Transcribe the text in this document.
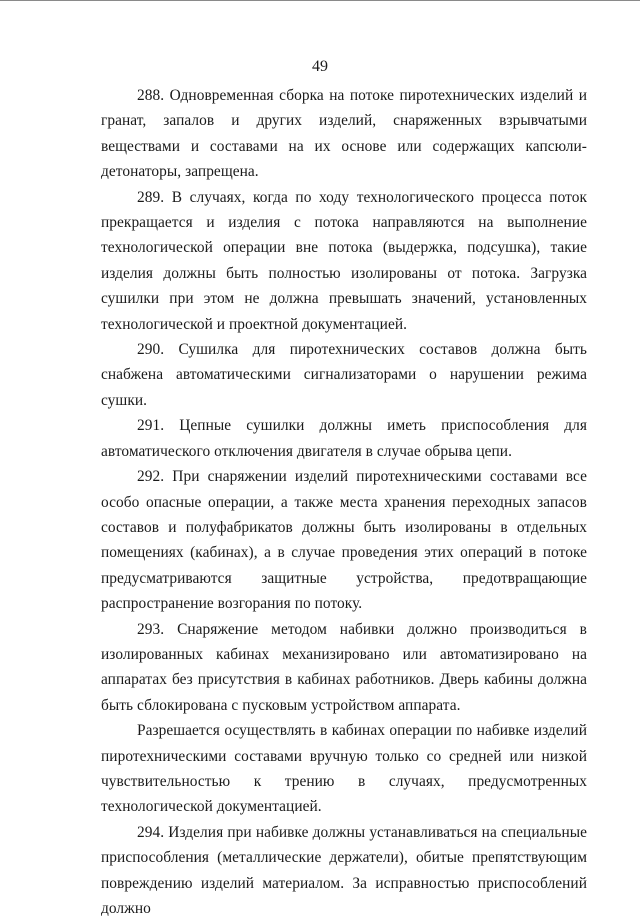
49

288. Одновременная сборка на потоке пиротехнических изделий и гранат, запалов и других изделий, снаряженных взрывчатыми веществами и составами на их основе или содержащих капсюли-детонаторы, запрещена.

289. В случаях, когда по ходу технологического процесса поток прекращается и изделия с потока направляются на выполнение технологической операции вне потока (выдержка, подсушка), такие изделия должны быть полностью изолированы от потока. Загрузка сушилки при этом не должна превышать значений, установленных технологической и проектной документацией.

290. Сушилка для пиротехнических составов должна быть снабжена автоматическими сигнализаторами о нарушении режима сушки.

291. Цепные сушилки должны иметь приспособления для автоматического отключения двигателя в случае обрыва цепи.

292. При снаряжении изделий пиротехническими составами все особо опасные операции, а также места хранения переходных запасов составов и полуфабрикатов должны быть изолированы в отдельных помещениях (кабинах), а в случае проведения этих операций в потоке предусматриваются защитные устройства, предотвращающие распространение возгорания по потоку.

293. Снаряжение методом набивки должно производиться в изолированных кабинах механизировано или автоматизировано на аппаратах без присутствия в кабинах работников. Дверь кабины должна быть сблокирована с пусковым устройством аппарата.

Разрешается осуществлять в кабинах операции по набивке изделий пиротехническими составами вручную только со средней или низкой чувствительностью к трению в случаях, предусмотренных технологической документацией.

294. Изделия при набивке должны устанавливаться на специальные приспособления (металлические держатели), обитые препятствующим повреждению изделий материалом. За исправностью приспособлений должно
